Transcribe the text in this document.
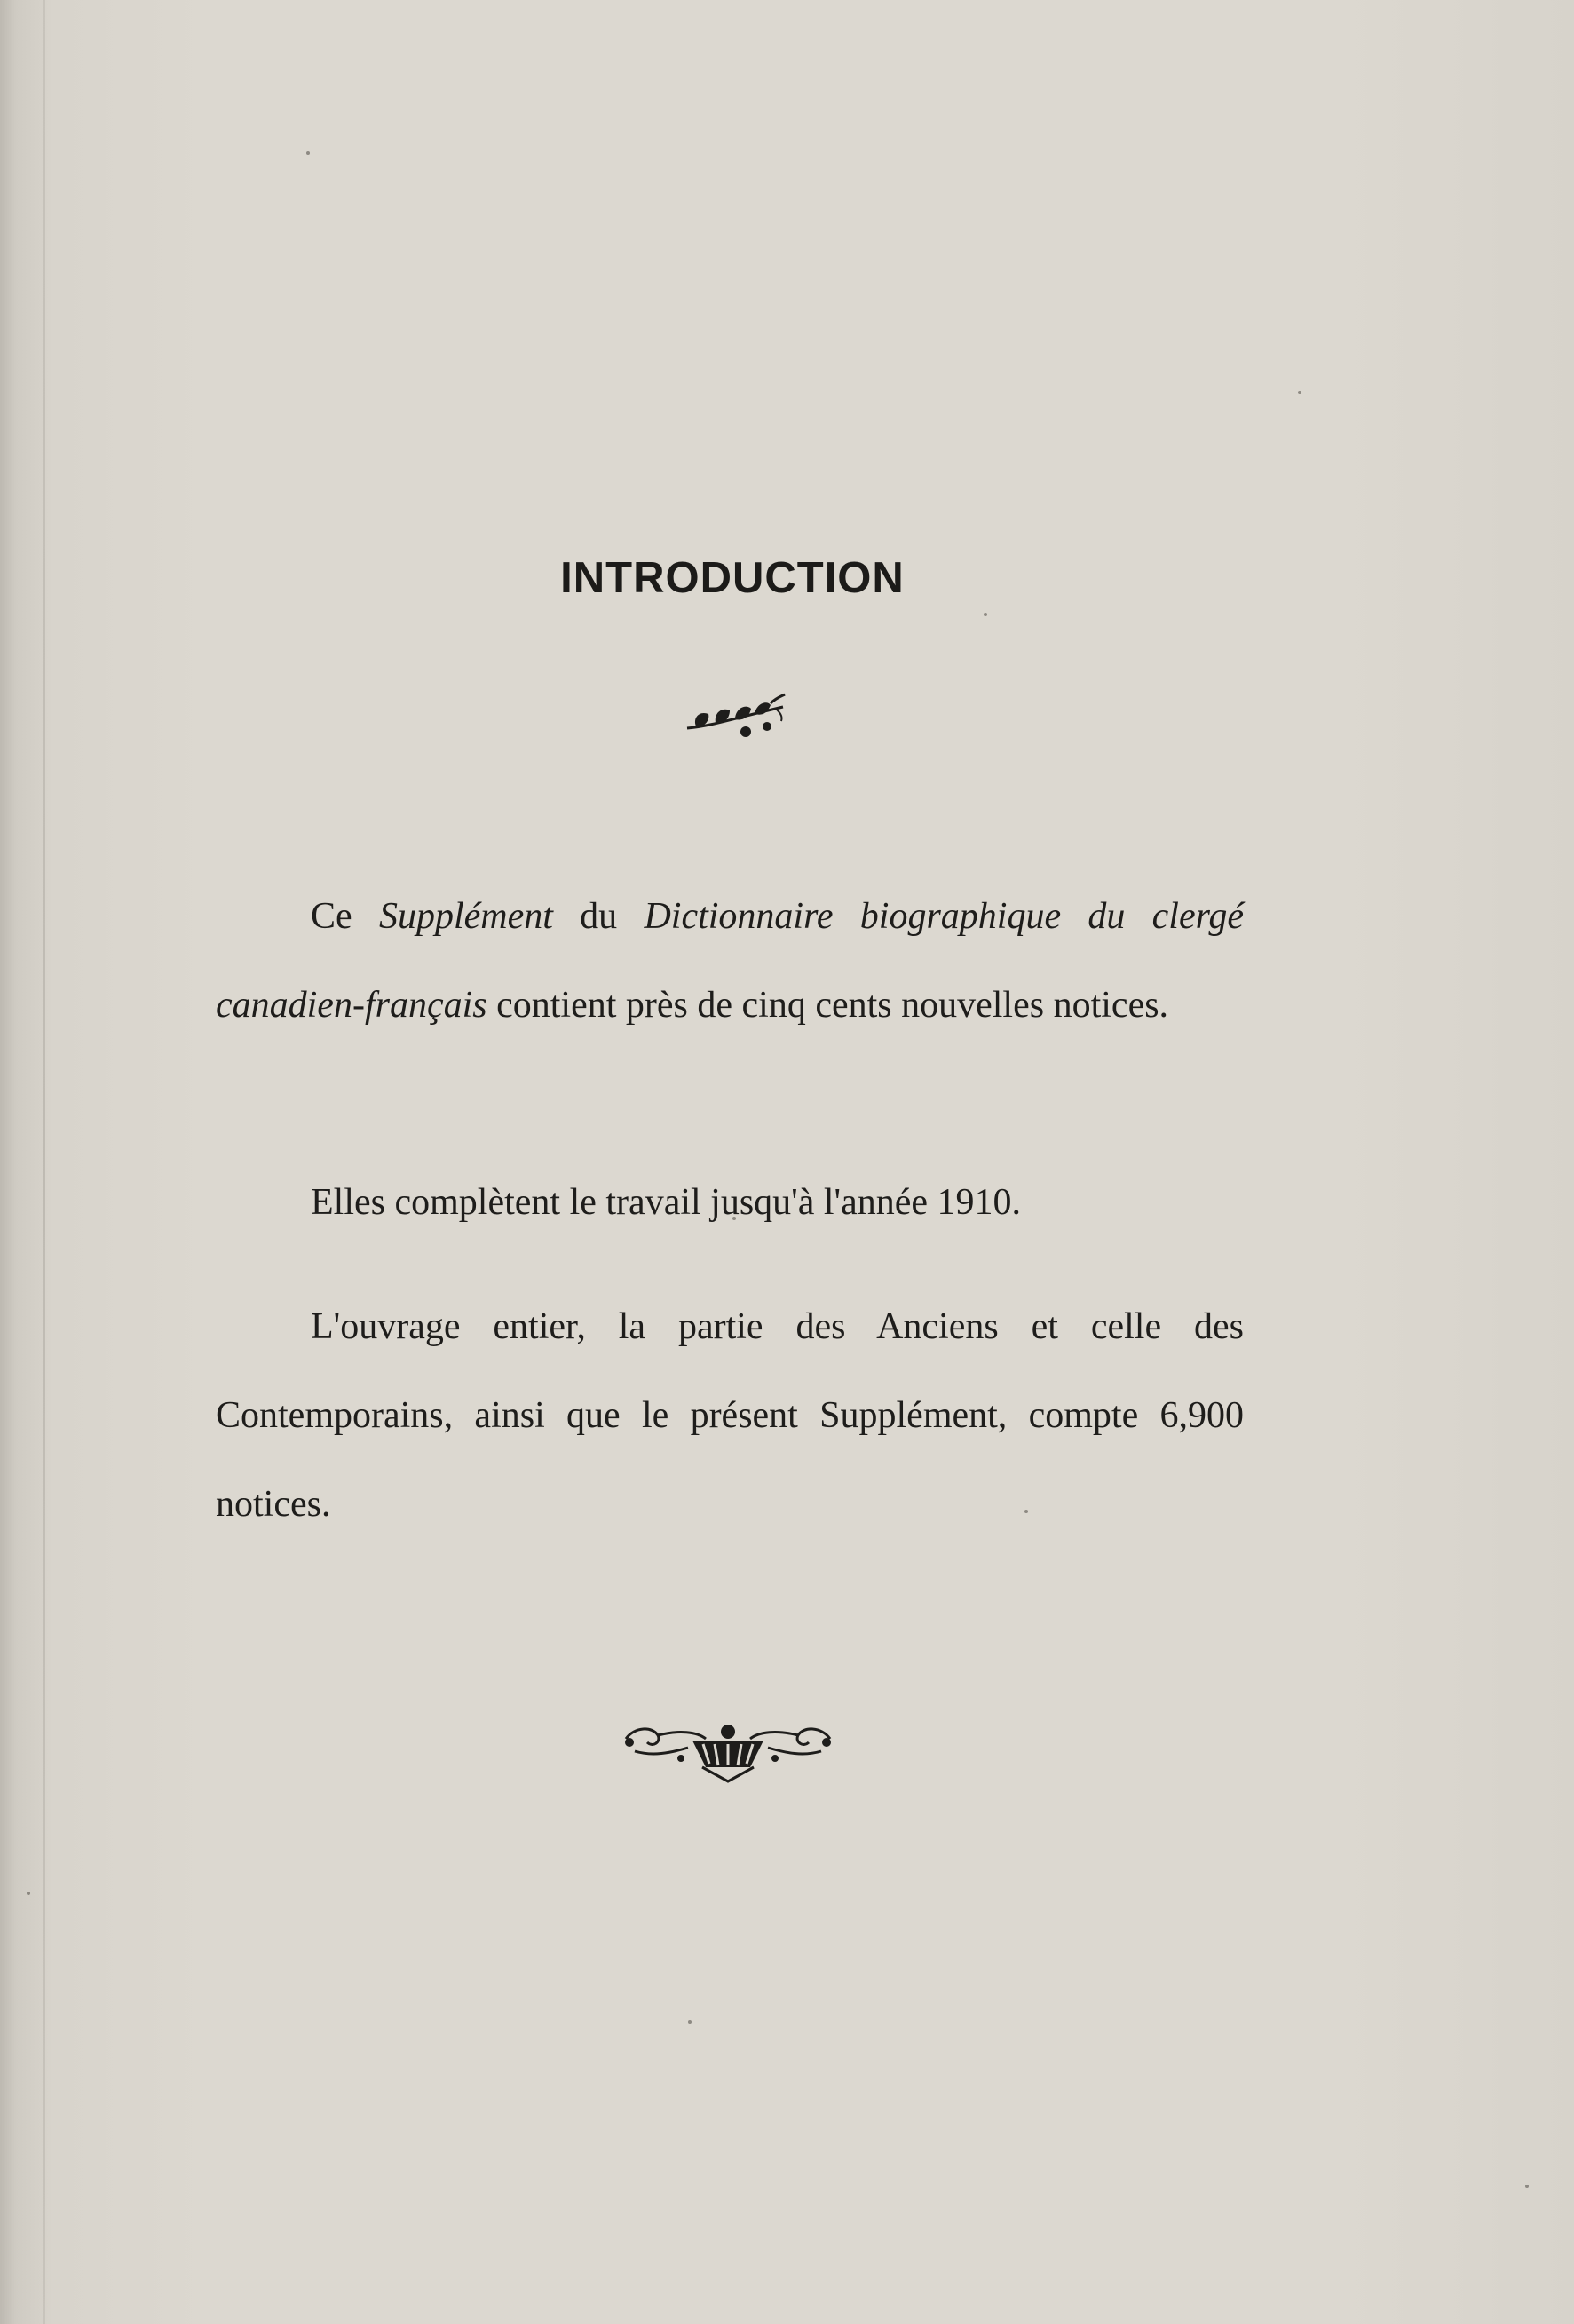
INTRODUCTION

Ce Supplément du Dictionnaire biographique du clergé canadien-français contient près de cinq cents nouvelles notices.

Elles complètent le travail jusqu'à l'année 1910.

L'ouvrage entier, la partie des Anciens et celle des Contemporains, ainsi que le présent Supplément, compte 6,900 notices.
